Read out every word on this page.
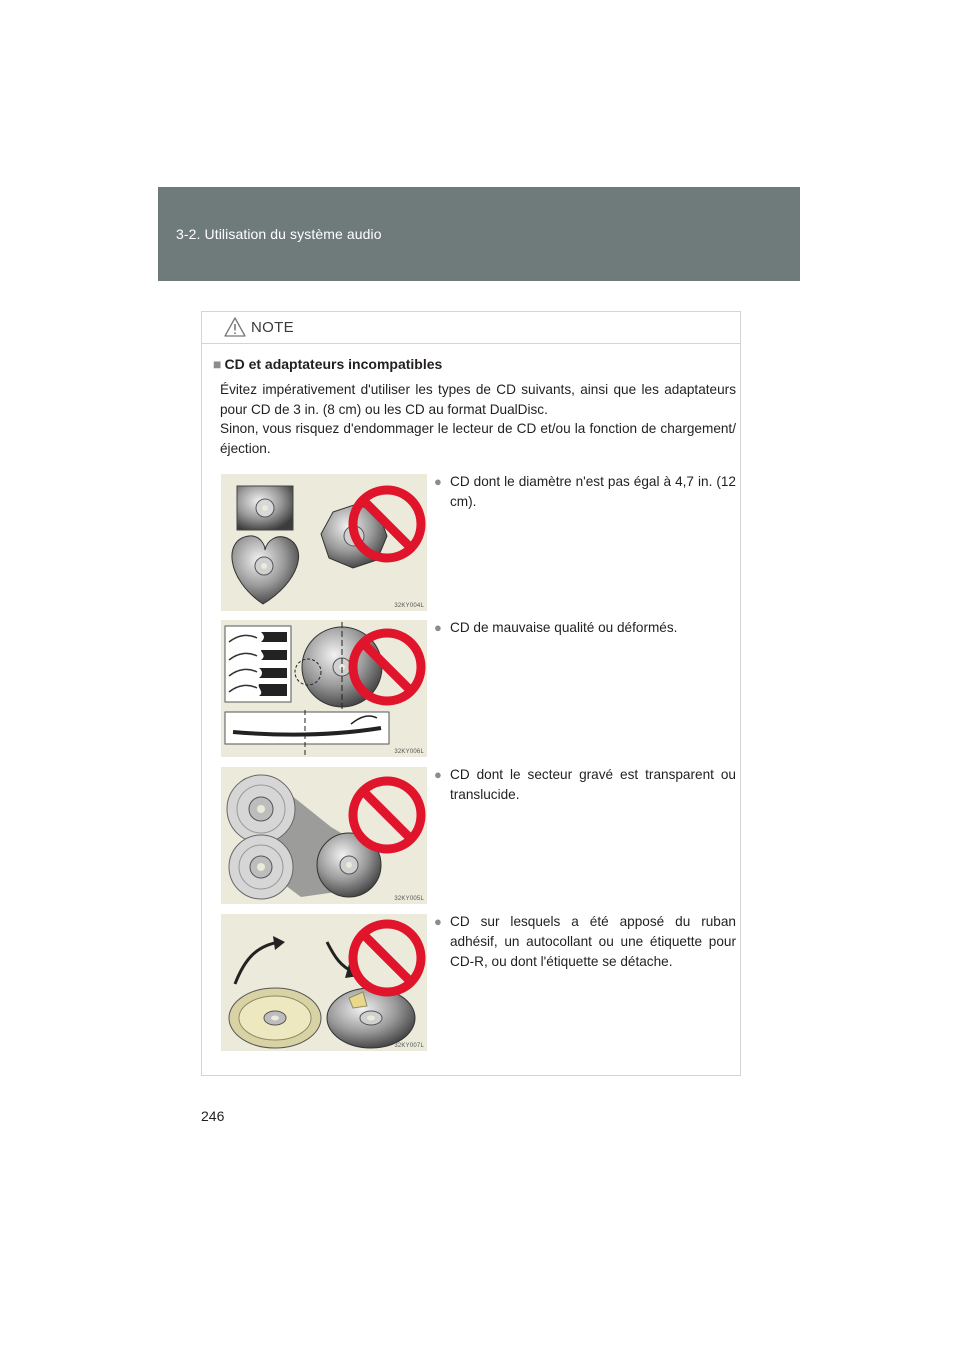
3-2. Utilisation du système audio
NOTE
■ CD et adaptateurs incompatibles

Évitez impérativement d'utiliser les types de CD suivants, ainsi que les adaptateurs pour CD de 3 in. (8 cm) ou les CD au format DualDisc.

Sinon, vous risquez d'endommager le lecteur de CD et/ou la fonction de chargement/éjection.

32KY004L
● CD dont le diamètre n'est pas égal à 4,7 in. (12 cm).
32KY006L
● CD de mauvaise qualité ou déformés.
32KY005L
● CD dont le secteur gravé est transparent ou translucide.
32KY007L
● CD sur lesquels a été apposé du ruban adhésif, un autocollant ou une étiquette pour CD-R, ou dont l'étiquette se détache.
246
